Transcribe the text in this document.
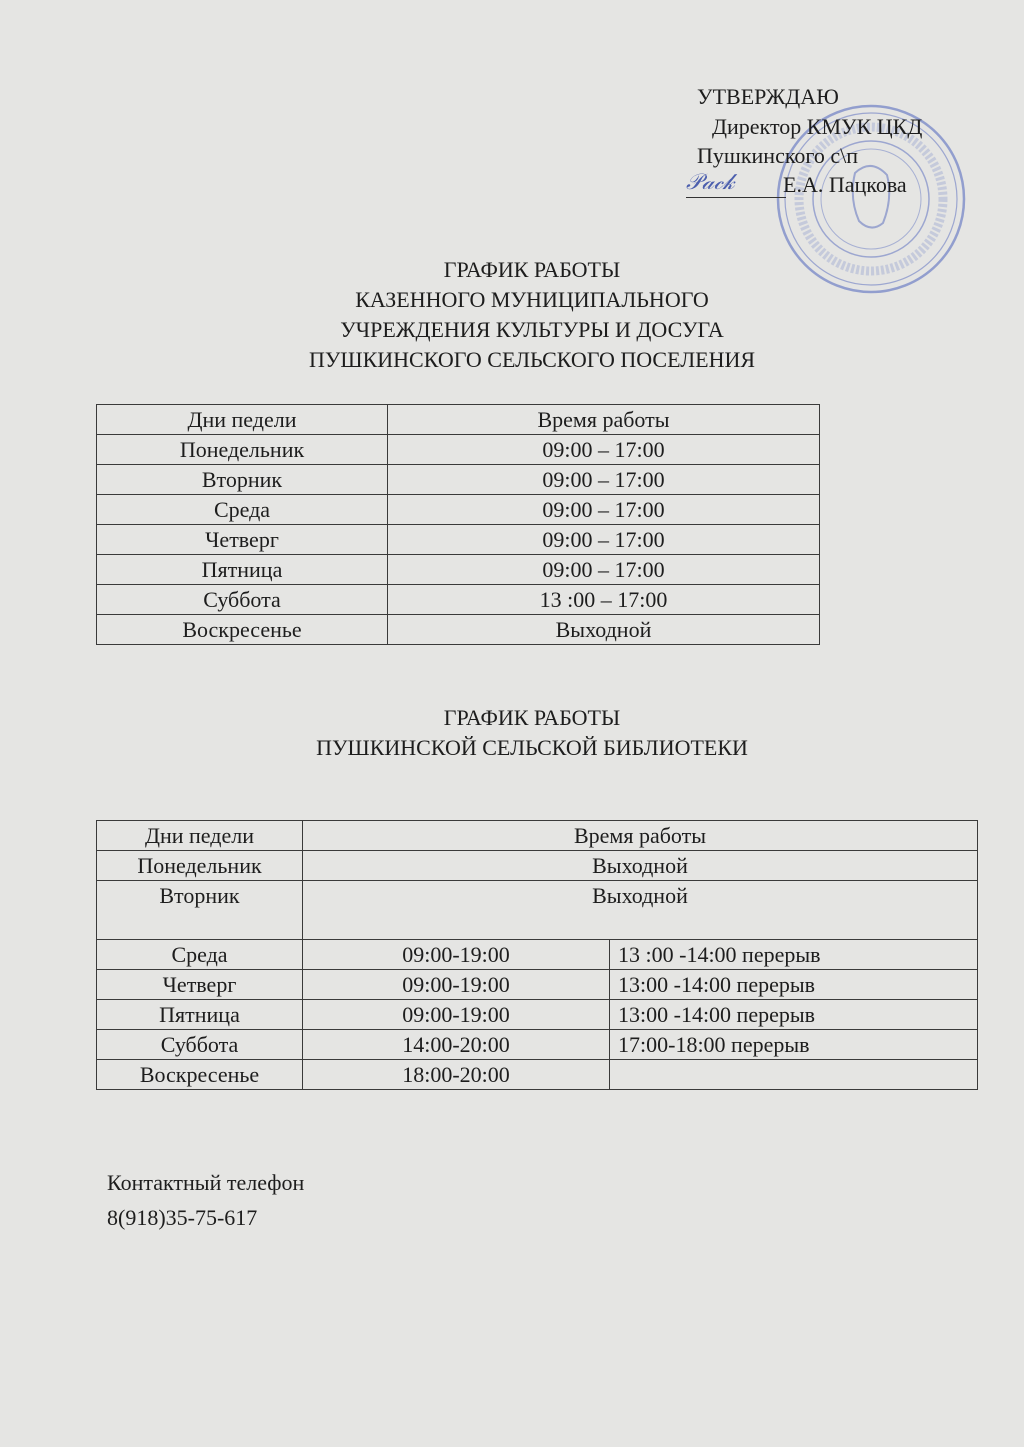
УТВЕРЖДАЮ
Директор КМУК ЦКД
Пушкинского с\п
𝒫𝒶𝒸𝓀	Е.А. Пацкова
ГРАФИК РАБОТЫ
КАЗЕННОГО МУНИЦИПАЛЬНОГО
УЧРЕЖДЕНИЯ КУЛЬТУРЫ И ДОСУГА
ПУШКИНСКОГО СЕЛЬСКОГО ПОСЕЛЕНИЯ
Дни педели	Время работы
Понедельник	09:00 – 17:00
Вторник	09:00 – 17:00
Среда	09:00 – 17:00
Четверг	09:00 – 17:00
Пятница	09:00 – 17:00
Суббота	13 :00 – 17:00
Воскресенье	Выходной
ГРАФИК РАБОТЫ
ПУШКИНСКОЙ СЕЛЬСКОЙ БИБЛИОТЕКИ
Дни педели	Время работы	
Понедельник	Выходной	
Вторник	Выходной	
Среда	09:00-19:00	13 :00 -14:00 перерыв
Четверг	09:00-19:00	13:00 -14:00 перерыв
Пятница	09:00-19:00	13:00 -14:00 перерыв
Суббота	14:00-20:00	17:00-18:00 перерыв
Воскресенье	18:00-20:00	
Контактный телефон
8(918)35-75-617
